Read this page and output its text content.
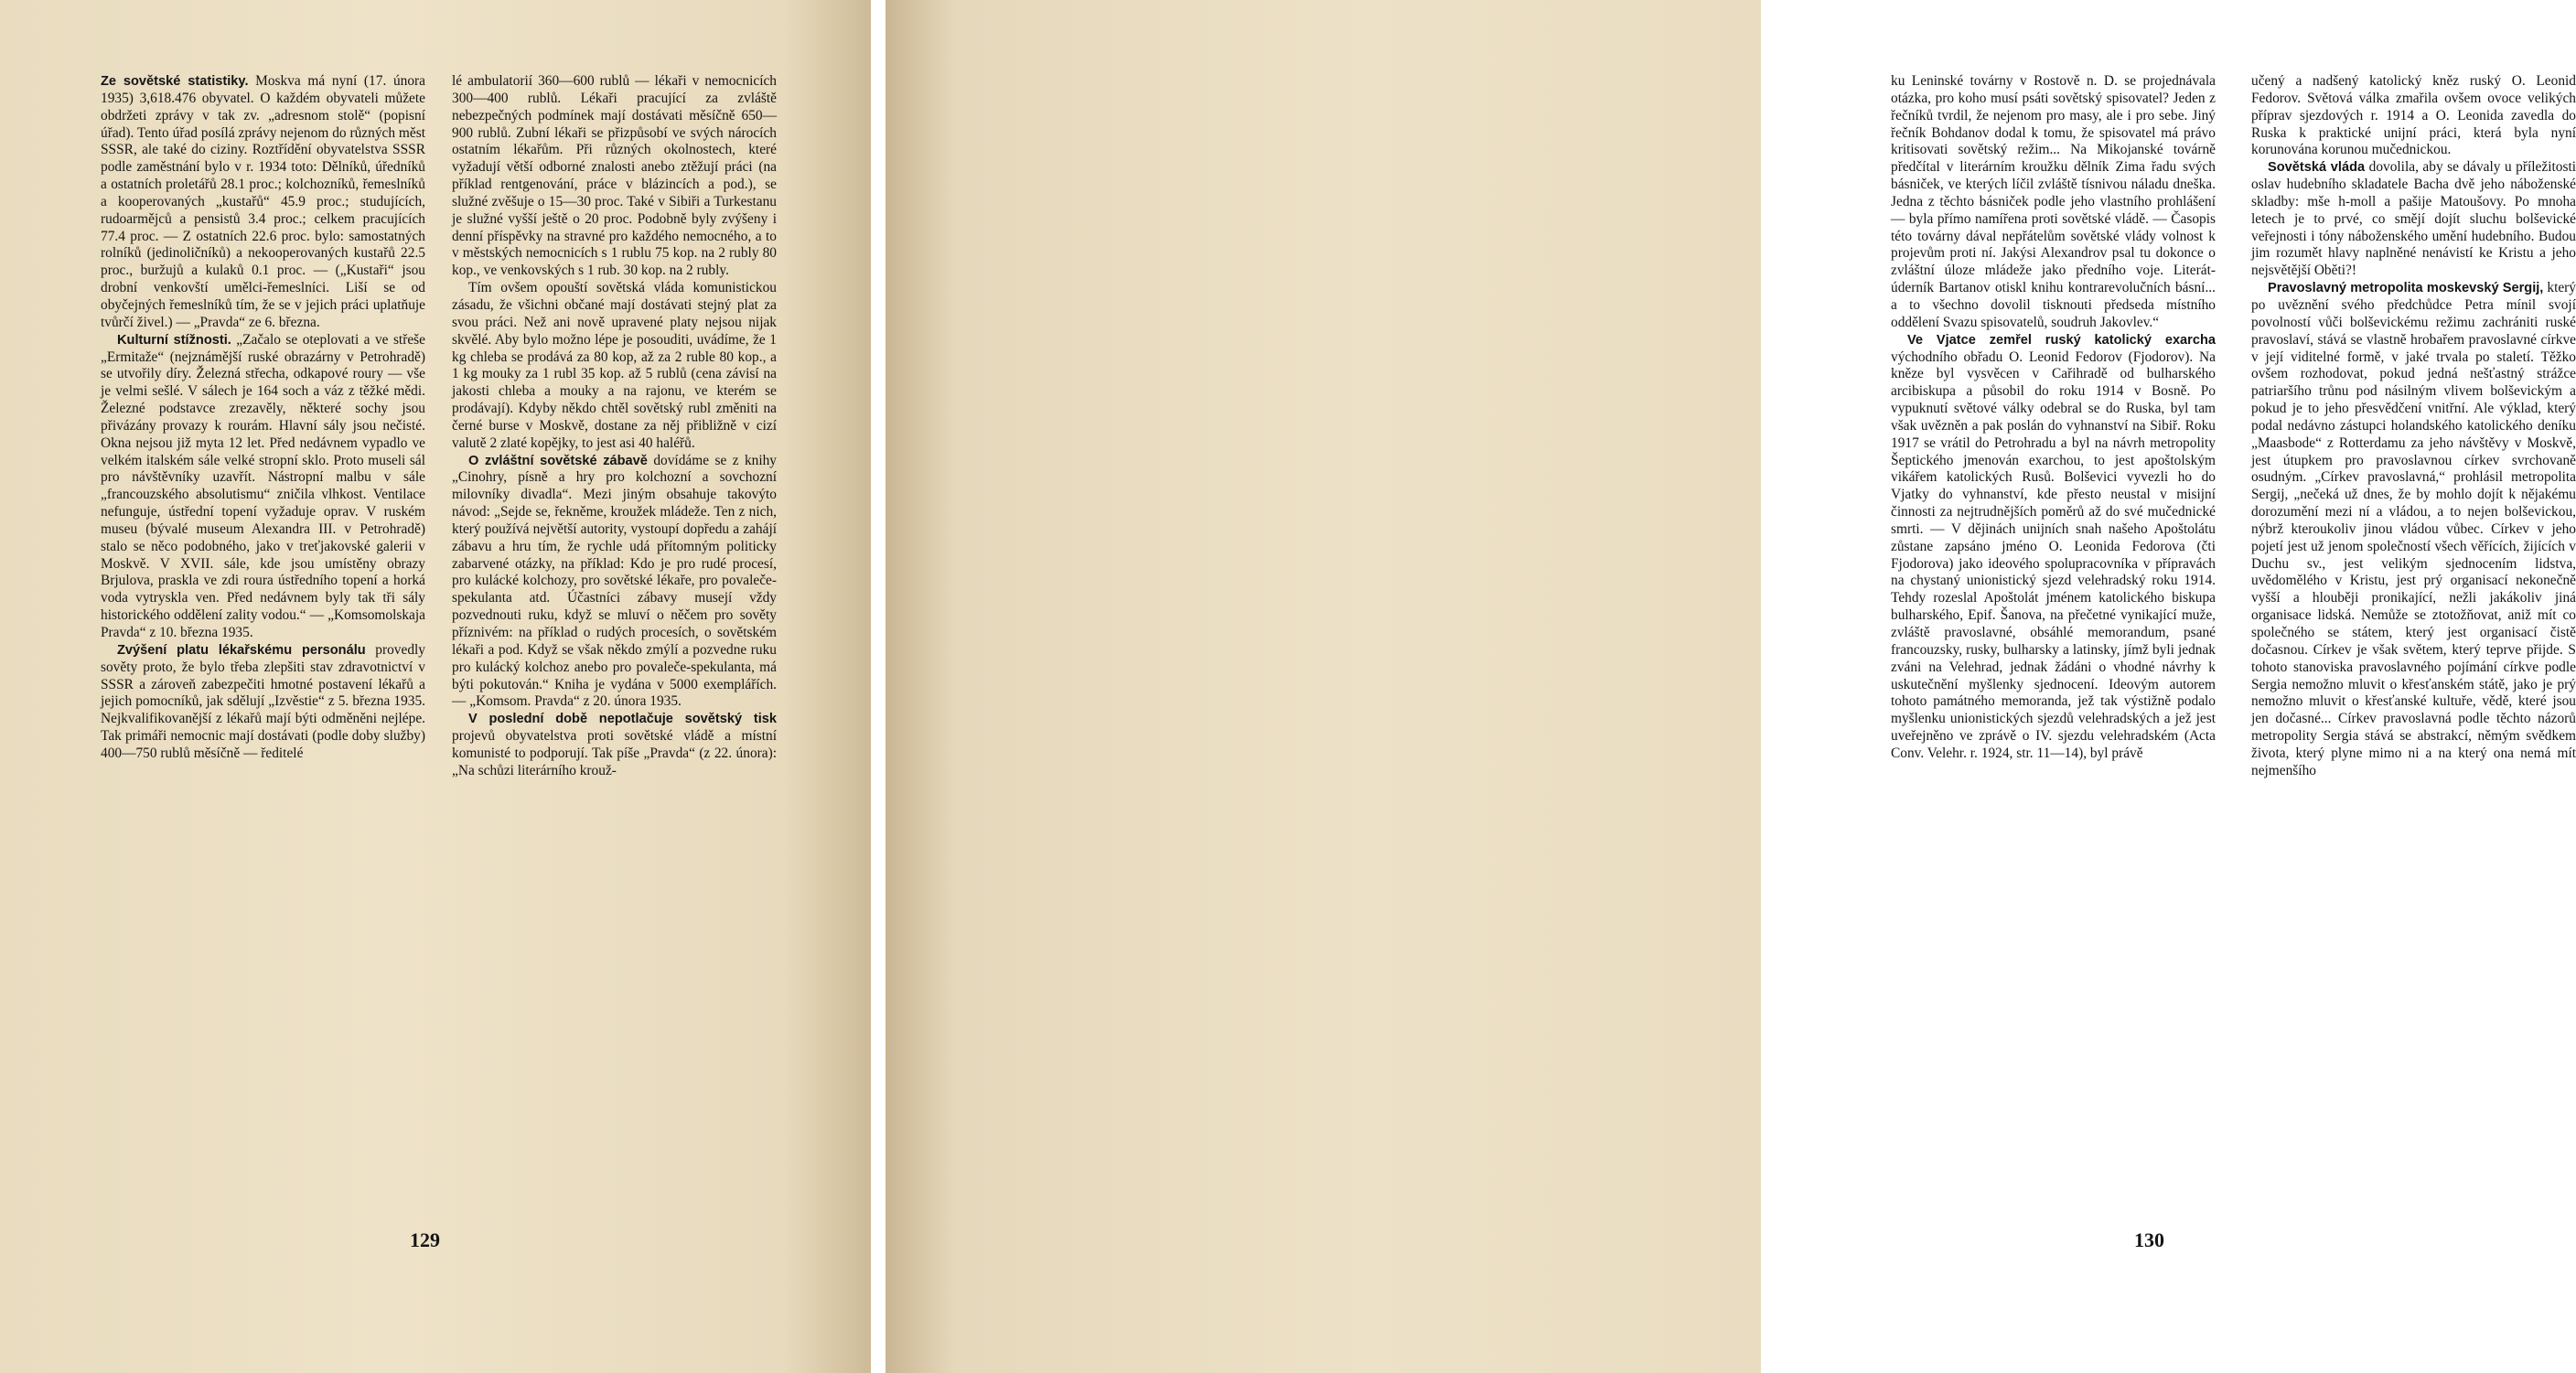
Ze sovětské statistiky. Moskva má nyní (17. února 1935) 3,618.476 obyvatel. O každém obyvateli můžete obdržeti zprávy v tak zv. „adresnom stolě“ (popisní úřad). Tento úřad posílá zprávy nejenom do různých měst SSSR, ale také do ciziny. Roztřídění obyvatelstva SSSR podle zaměstnání bylo v r. 1934 toto: Dělníků, úředníků a ostatních proletářů 28.1 proc.; kolchozníků, řemeslníků a kooperovaných „kustařů“ 45.9 proc.; studujících, rudoarmějců a pensistů 3.4 proc.; celkem pracujících 77.4 proc. — Z ostatních 22.6 proc. bylo: samostatných rolníků (jedinoličníků) a nekooperovaných kustařů 22.5 proc., buržujů a kulaků 0.1 proc. — („Kustaři“ jsou drobní venkovští umělci-řemeslníci. Liší se od obyčejných řemeslníků tím, že se v jejich práci uplatňuje tvůrčí živel.) — „Pravda“ ze 6. března.

Kulturní stížnosti. „Začalo se oteplovati a ve střeše „Ermitaže“ (nejznámější ruské obrazárny v Petrohradě) se utvořily díry. Železná střecha, odkapové roury — vše je velmi sešlé. V sálech je 164 soch a váz z těžké mědi. Železné podstavce zrezavěly, některé sochy jsou přivázány provazy k rourám. Hlavní sály jsou nečisté. Okna nejsou již myta 12 let. Před nedávnem vypadlo ve velkém italském sále velké stropní sklo. Proto museli sál pro návštěvníky uzavřít. Nástropní malbu v sále „francouzského absolutismu“ zničila vlhkost. Ventilace nefunguje, ústřední topení vyžaduje oprav. V ruském museu (bývalé museum Alexandra III. v Petrohradě) stalo se něco podobného, jako v treťjakovské galerii v Moskvě. V XVII. sále, kde jsou umístěny obrazy Brjulova, praskla ve zdi roura ústředního topení a horká voda vytryskla ven. Před nedávnem byly tak tři sály historického oddělení zality vodou.“ — „Komsomolskaja Pravda“ z 10. března 1935.

Zvýšení platu lékařskému personálu provedly sověty proto, že bylo třeba zlepšiti stav zdravotnictví v SSSR a zároveň zabezpečiti hmotné postavení lékařů a jejich pomocníků, jak sdělují „Izvěstie“ z 5. března 1935. Nejkvalifikovanější z lékařů mají býti odměněni nejlépe. Tak primáři nemocnic mají dostávati (podle doby služby) 400—750 rublů měsíčně — ředitelé

lé ambulatorií 360—600 rublů — lékaři v nemocnicích 300—400 rublů. Lékaři pracující za zvláště nebezpečných podmínek mají dostávati měsíčně 650—900 rublů. Zubní lékaři se přizpůsobí ve svých nárocích ostatním lékařům. Při různých okolnostech, které vyžadují větší odborné znalosti anebo ztěžují práci (na příklad rentgenování, práce v blázincích a pod.), se služné zvěšuje o 15—30 proc. Také v Sibiři a Turkestanu je služné vyšší ještě o 20 proc. Podobně byly zvýšeny i denní příspěvky na stravné pro každého nemocného, a to v městských nemocnicích s 1 rublu 75 kop. na 2 rubly 80 kop., ve venkovských s 1 rub. 30 kop. na 2 rubly.

Tím ovšem opouští sovětská vláda komunistickou zásadu, že všichni občané mají dostávati stejný plat za svou práci. Než ani nově upravené platy nejsou nijak skvělé. Aby bylo možno lépe je posouditi, uvádíme, že 1 kg chleba se prodává za 80 kop, až za 2 ruble 80 kop., a 1 kg mouky za 1 rubl 35 kop. až 5 rublů (cena závisí na jakosti chleba a mouky a na rajonu, ve kterém se prodávají). Kdyby někdo chtěl sovětský rubl změniti na černé burse v Moskvě, dostane za něj přibližně v cizí valutě 2 zlaté kopějky, to jest asi 40 haléřů.

O zvláštní sovětské zábavě dovídáme se z knihy „Cinohry, písně a hry pro kolchozní a sovchozní milovníky divadla“. Mezi jiným obsahuje takovýto návod: „Sejde se, řekněme, kroužek mládeže. Ten z nich, který používá největší autority, vystoupí dopředu a zahájí zábavu a hru tím, že rychle udá přítomným politicky zabarvené otázky, na příklad: Kdo je pro rudé procesí, pro kulácké kolchozy, pro sovětské lékaře, pro povaleče-spekulanta atd. Účastníci zábavy musejí vždy pozvednouti ruku, když se mluví o něčem pro sověty příznivém: na příklad o rudých procesích, o sovětském lékaři a pod. Když se však někdo zmýlí a pozvedne ruku pro kulácký kolchoz anebo pro povaleče-spekulanta, má býti pokutován.“ Kniha je vydána v 5000 exemplářích. — „Komsom. Pravda“ z 20. února 1935.

V poslední době nepotlačuje sovětský tisk projevů obyvatelstva proti sovětské vládě a místní komunisté to podporují. Tak píše „Pravda“ (z 22. února): „Na schůzi literárního krouž-

129

ku Leninské továrny v Rostově n. D. se projednávala otázka, pro koho musí psáti sovětský spisovatel? Jeden z řečníků tvrdil, že nejenom pro masy, ale i pro sebe. Jiný řečník Bohdanov dodal k tomu, že spisovatel má právo kritisovati sovětský režim... Na Mikojanské továrně předčítal v literárním kroužku dělník Zima řadu svých básniček, ve kterých líčil zvláště tísnivou náladu dneška. Jedna z těchto básniček podle jeho vlastního prohlášení — byla přímo namířena proti sovětské vládě. — Časopis této továrny dával nepřátelům sovětské vlády volnost k projevům proti ní. Jakýsi Alexandrov psal tu dokonce o zvláštní úloze mládeže jako předního voje. Literát-úderník Bartanov otiskl knihu kontrarevolučních básní... a to všechno dovolil tisknouti předseda místního oddělení Svazu spisovatelů, soudruh Jakovlev.“

Ve Vjatce zemřel ruský katolický exarcha východního obřadu O. Leonid Fedorov (Fjodorov). Na kněze byl vysvěcen v Cařihradě od bulharského arcibiskupa a působil do roku 1914 v Bosně. Po vypuknutí světové války odebral se do Ruska, byl tam však uvězněn a pak poslán do vyhnanství na Sibiř. Roku 1917 se vrátil do Petrohradu a byl na návrh metropolity Šeptického jmenován exarchou, to jest apoštolským vikářem katolických Rusů. Bolševici vyvezli ho do Vjatky do vyhnanství, kde přesto neustal v misijní činnosti za nejtrudnějších poměrů až do své mučednické smrti. — V dějinách unijních snah našeho Apoštolátu zůstane zapsáno jméno O. Leonida Fedorova (čti Fjodorova) jako ideového spolupracovníka v přípravách na chystaný unionistický sjezd velehradský roku 1914. Tehdy rozeslal Apoštolát jménem katolického biskupa bulharského, Epif. Šanova, na přečetné vynikající muže, zvláště pravoslavné, obsáhlé memorandum, psané francouzsky, rusky, bulharsky a latinsky, jímž byli jednak zváni na Velehrad, jednak žádáni o vhodné návrhy k uskutečnění myšlenky sjednocení. Ideovým autorem tohoto památného memoranda, jež tak výstižně podalo myšlenku unionistických sjezdů velehradských a jež jest uveřejněno ve zprávě o IV. sjezdu velehradském (Acta Conv. Velehr. r. 1924, str. 11—14), byl právě

učený a nadšený katolický kněz ruský O. Leonid Fedorov. Světová válka zmařila ovšem ovoce velikých příprav sjezdových r. 1914 a O. Leonida zavedla do Ruska k praktické unijní práci, která byla nyní korunována korunou mučednickou.

Sovětská vláda dovolila, aby se dávaly u příležitosti oslav hudebního skladatele Bacha dvě jeho náboženské skladby: mše h-moll a pašije Matoušovy. Po mnoha letech je to prvé, co smějí dojít sluchu bolševické veřejnosti i tóny náboženského umění hudebního. Budou jim rozumět hlavy naplněné nenávistí ke Kristu a jeho nejsvětější Oběti?!

Pravoslavný metropolita moskevský Sergij, který po uvěznění svého předchůdce Petra mínil svojí povolností vůči bolševickému režimu zachrániti ruské pravoslaví, stává se vlastně hrobařem pravoslavné církve v její viditelné formě, v jaké trvala po staletí. Těžko ovšem rozhodovat, pokud jedná nešťastný strážce patriaršího trůnu pod násilným vlivem bolševickým a pokud je to jeho přesvědčení vnitřní. Ale výklad, který podal nedávno zástupci holandského katolického deníku „Maasbode“ z Rotterdamu za jeho návštěvy v Moskvě, jest útupkem pro pravoslavnou církev svrchovaně osudným. „Církev pravoslavná,“ prohlásil metropolita Sergij, „nečeká už dnes, že by mohlo dojít k nějakému dorozumění mezi ní a vládou, a to nejen bolševickou, nýbrž kteroukoliv jinou vládou vůbec. Církev v jeho pojetí jest už jenom společností všech věřících, žijících v Duchu sv., jest velikým sjednocením lidstva, uvědomělého v Kristu, jest prý organisací nekonečně vyšší a hlouběji pronikající, nežli jakákoliv jiná organisace lidská. Nemůže se ztotožňovat, aniž mít co společného se státem, který jest organisací čistě dočasnou. Církev je však světem, který teprve přijde. S tohoto stanoviska pravoslavného pojímání církve podle Sergia nemožno mluvit o křesťanském státě, jako je prý nemožno mluvit o křesťanské kultuře, vědě, které jsou jen dočasné... Církev pravoslavná podle těchto názorů metropolity Sergia stává se abstrakcí, němým svědkem života, který plyne mimo ni a na který ona nemá mít nejmenšího

130
